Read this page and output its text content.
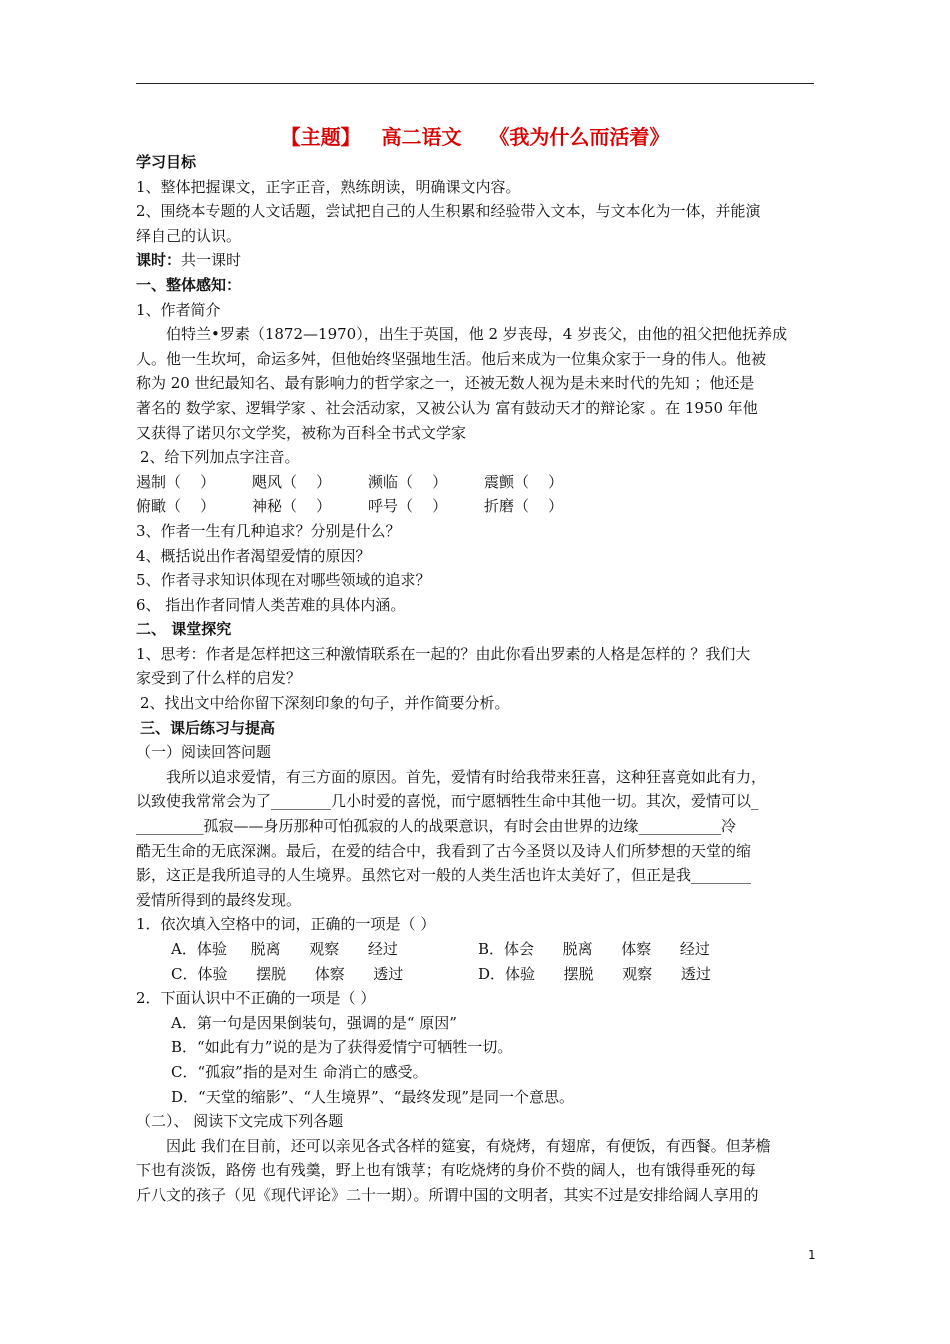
【主题】   高二语文    《我为什么而活着》
学习目标
1、整体把握课文，正字正音，熟练朗读，明确课文内容。
2、围绕本专题的人文话题，尝试把自己的人生积累和经验带入文本，与文本化为一体，并能演
绎自己的认识。
课时：共一课时
一、整体感知：
1、作者简介
伯特兰•罗素（1872—1970），出生于英国，他 2 岁丧母，4 岁丧父，由他的祖父把他抚养成
人。他一生坎坷，命运多舛，但他始终坚强地生活。他后来成为一位集众家于一身的伟人。他被
称为 20 世纪最知名、最有影响力的哲学家之一，还被无数人视为是未来时代的先知 ；他还是
著名的 数学家、逻辑学家 、社会活动家，又被公认为 富有鼓动天才的辩论家 。在 1950 年他
又获得了诺贝尔文学奖，被称为百科全书式文学家
2、给下列加点字注音。
遏制（    ）	飓风（    ）	濒临（    ）	震颤（    ）
俯瞰（    ）	神秘（    ）	呼号（    ）	折磨（    ）
3、作者一生有几种追求？分别是什么？
4、概括说出作者渴望爱情的原因？
5、作者寻求知识体现在对哪些领域的追求？
6、 指出作者同情人类苦难的具体内涵。
二、 课堂探究
1、思考：作者是怎样把这三种激情联系在一起的？由此你看出罗素的人格是怎样的 ？我们大
家受到了什么样的启发？
2、找出文中给你留下深刻印象的句子，并作简要分析。
三、课后练习与提高
（一）阅读回答问题
我所以追求爱情，有三方面的原因。首先，爱情有时给我带来狂喜，这种狂喜竟如此有力，
以致使我常常会为了________几小时爱的喜悦，而宁愿牺牲生命中其他一切。其次，爱情可以_
_________孤寂——身历那种可怕孤寂的人的战栗意识，有时会由世界的边缘___________冷
酷无生命的无底深渊。最后，在爱的结合中，我看到了古今圣贤以及诗人们所梦想的天堂的缩
影，这正是我所追寻的人生境界。虽然它对一般的人类生活也许太美好了，但正是我________
爱情所得到的最终发现。
1．依次填入空格中的词，正确的一项是（ ）
A．体验     脱离      观察      经过	B．体会      脱离      体察      经过
C．体验      摆脱      体察      透过	D．体验      摆脱      观察      透过
2．下面认识中不正确的一项是（ ）
A．第一句是因果倒装句，强调的是“ 原因”
B．“如此有力”说的是为了获得爱情宁可牺牲一切。
C．“孤寂”指的是对生 命消亡的感受。
D．“天堂的缩影”、“人生境界”、“最终发现”是同一个意思。
（二）、 阅读下文完成下列各题
因此 我们在目前，还可以亲见各式各样的筵宴，有烧烤，有翅席，有便饭，有西餐。但茅檐
下也有淡饭，路傍 也有残羹，野上也有饿莩；有吃烧烤的身价不赀的阔人，也有饿得垂死的每
斤八文的孩子（见《现代评论》二十一期）。所谓中国的文明者，其实不过是安排给阔人享用的
1
